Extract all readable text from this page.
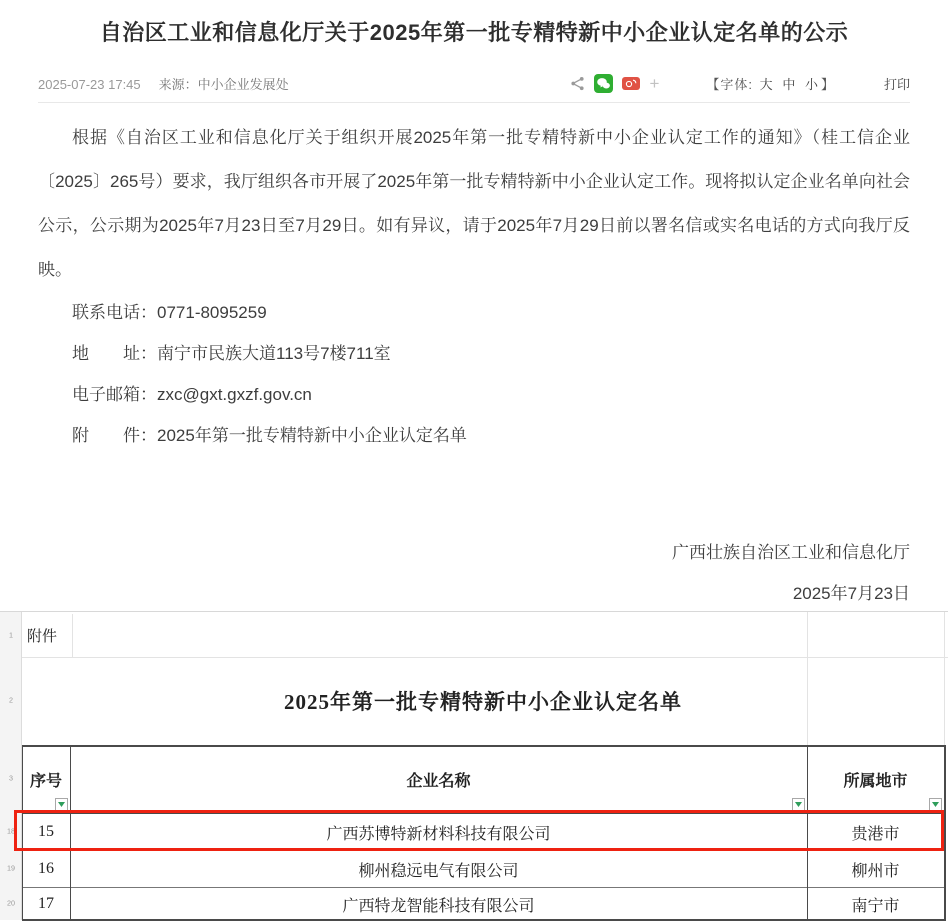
自治区工业和信息化厅关于2025年第一批专精特新中小企业认定名单的公示
2025-07-23 17:45 来源：中小企业发展处	+	【字体: 大 中 小 】	打印

根据《自治区工业和信息化厅关于组织开展2025年第一批专精特新中小企业认定工作的通知》（桂工信企业〔2025〕265号）要求，我厅组织各市开展了2025年第一批专精特新中小企业认定工作。现将拟认定企业名单向社会公示，公示期为2025年7月23日至7月29日。如有异议，请于2025年7月29日前以署名信或实名电话的方式向我厅反映。

联系电话：0771-8095259
地　　址：南宁市民族大道113号7楼711室
电子邮箱：zxc@gxt.gxzf.gov.cn
附　　件：2025年第一批专精特新中小企业认定名单
广西壮族自治区工业和信息化厅
2025年7月23日
1
2
3
18
19
20
附件
2025年第一批专精特新中小企业认定名单
序号	企业名称	所属地市
15	广西苏博特新材料科技有限公司	贵港市
16	柳州稳远电气有限公司	柳州市
17	广西特龙智能科技有限公司	南宁市
